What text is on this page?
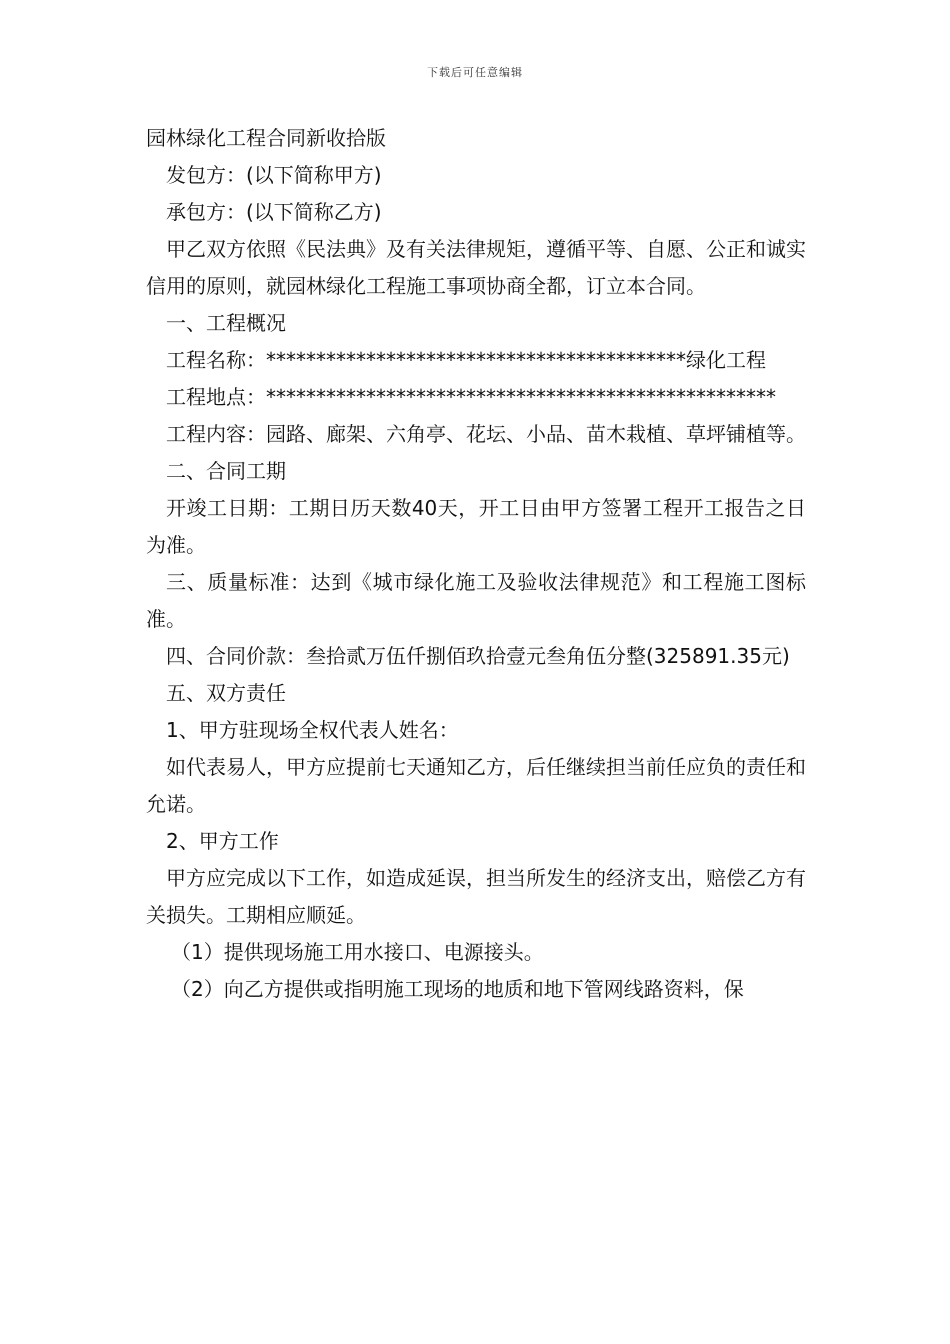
下载后可任意编辑

园林绿化工程合同新收拾版

发包方：(以下简称甲方)

承包方：(以下简称乙方)

甲乙双方依照《民法典》及有关法律规矩，遵循平等、自愿、公正和诚实信用的原则，就园林绿化工程施工事项协商全都，订立本合同。

一、工程概况

工程名称：******************************************绿化工程

工程地点：***************************************************

工程内容：园路、廊架、六角亭、花坛、小品、苗木栽植、草坪铺植等。

二、合同工期

开竣工日期：工期日历天数40天，开工日由甲方签署工程开工报告之日为准。

三、质量标准：达到《城市绿化施工及验收法律规范》和工程施工图标准。

四、合同价款：叁拾贰万伍仟捌佰玖拾壹元叁角伍分整(325891.35元)

五、双方责任

1、甲方驻现场全权代表人姓名：

如代表易人，甲方应提前七天通知乙方，后任继续担当前任应负的责任和允诺。

2、甲方工作

甲方应完成以下工作，如造成延误，担当所发生的经济支出，赔偿乙方有关损失。工期相应顺延。

（1）提供现场施工用水接口、电源接头。

（2）向乙方提供或指明施工现场的地质和地下管网线路资料，保
